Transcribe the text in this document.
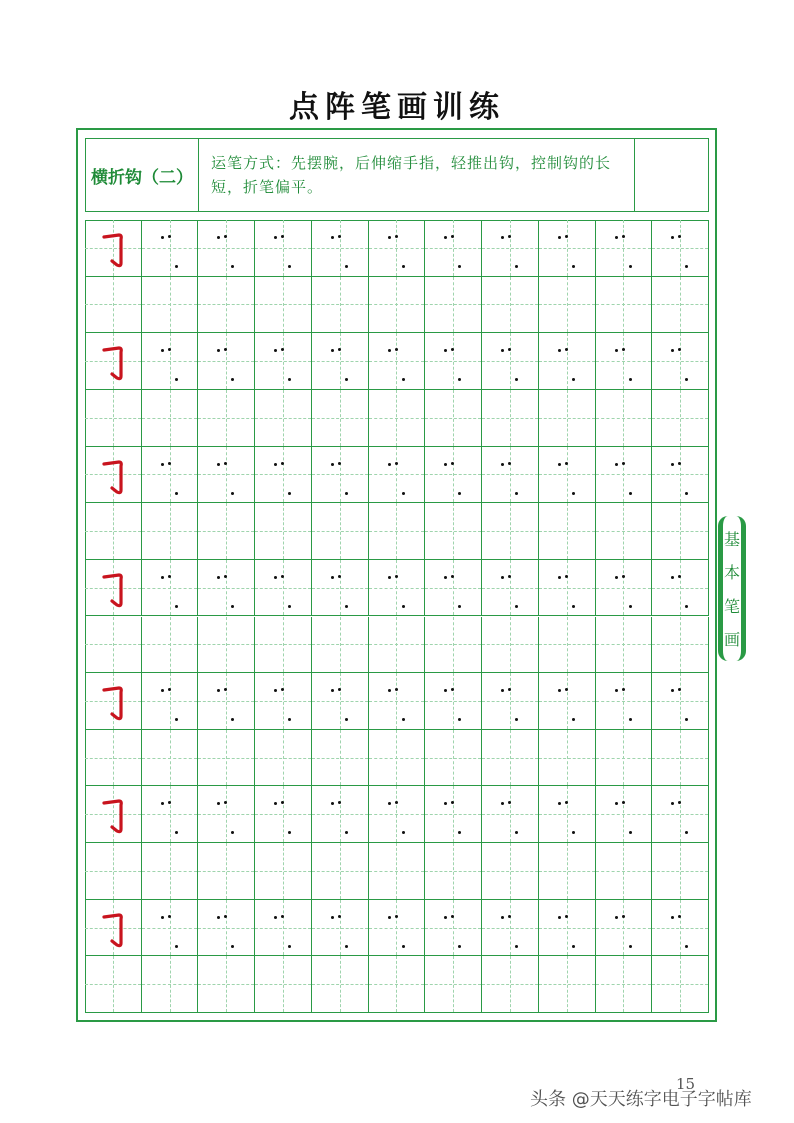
点阵笔画训练
横折钩（二）
运笔方式：先摆腕，后伸缩手指，轻推出钩，控制钩的长短，折笔偏平。
基
本
笔
画
15
头条 @天天练字电子字帖库
